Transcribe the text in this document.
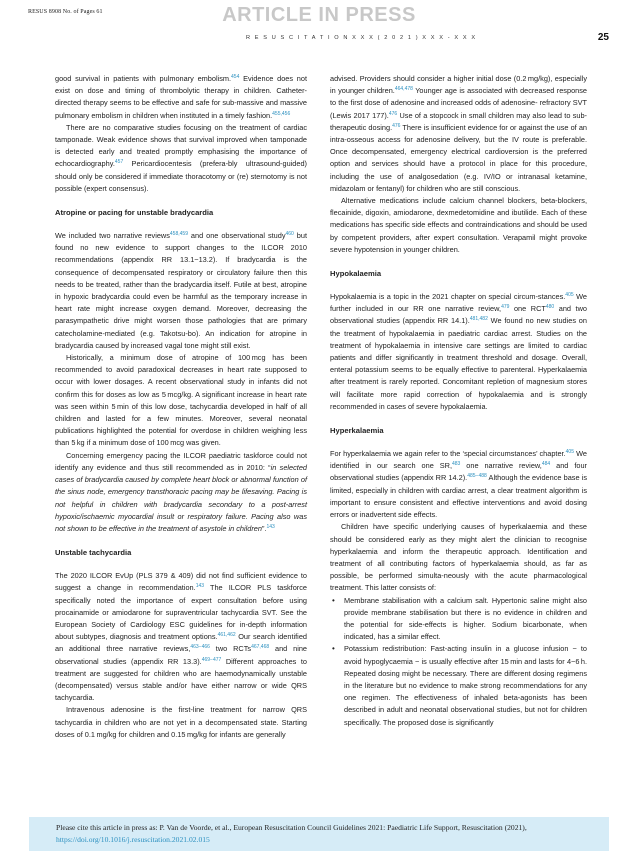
RESUS 8908 No. of Pages 61	ARTICLE IN PRESS
R E S U S C I T A T I O N X X X ( 2 0 2 1 ) X X X - X X X	25

good survival in patients with pulmonary embolism.$^{454}$ Evidence does not exist on dose and timing of thrombolytic therapy in children. Catheter- directed therapy seems to be effective and safe for sub-massive and massive pulmonary embolism in children when instituted in a timely fashion.$^{455,456}$

There are no comparative studies focusing on the treatment of cardiac tamponade. Weak evidence shows that survival improved when tamponade is detected early and treated promptly emphasising the importance of echocardiography.$^{457}$ Pericardiocentesis (prefera-bly ultrasound-guided) should only be considered if immediate thoracotomy or (re) sternotomy is not possible (expert consensus).

Atropine or pacing for unstable bradycardia

We included two narrative reviews$^{458,459}$ and one observational study$^{460}$ but found no new evidence to support changes to the ILCOR 2010 recommendations (appendix RR 13.1−13.2). If bradycardia is the consequence of decompensated respiratory or circulatory failure then this needs to be treated, rather than the bradycardia itself. Futile at best, atropine in hypoxic bradycardia could even be harmful as the temporary increase in heart rate might increase oxygen demand. Moreover, decreasing the parasympathetic drive might worsen those pathologies that are primary catecholamine-mediated (e.g. Takotsu-bo). An indication for atropine in bradycardia caused by increased vagal tone might still exist.

Historically, a minimum dose of atropine of 100 mcg has been recommended to avoid paradoxical decreases in heart rate supposed to occur with lower dosages. A recent observational study in infants did not confirm this for doses as low as 5 mcg/kg. A significant increase in heart rate was seen within 5 min of this low dose, tachycardia developed in half of all children and lasted for a few minutes. Moreover, several neonatal publications highlighted the potential for overdose in children weighing less than 5 kg if a minimum dose of 100 mcg was given.

Concerning emergency pacing the ILCOR paediatric taskforce could not identify any evidence and thus still recommended as in 2010: “in selected cases of bradycardia caused by complete heart block or abnormal function of the sinus node, emergency transthoracic pacing may be lifesaving. Pacing is not helpful in children with bradycardia secondary to a post-arrest hypoxic/ischaemic myocardial insult or respiratory failure. Pacing also was not shown to be effective in the treatment of asystole in children”.$^{143}$

Unstable tachycardia

The 2020 ILCOR EvUp (PLS 379 & 409) did not find sufficient evidence to suggest a change in recommendation.$^{143}$ The ILCOR PLS taskforce specifically noted the importance of expert consultation before using procainamide or amiodarone for supraventricular tachycardia SVT. See the European Society of Cardiology ESC guidelines for in-depth information about subtypes, diagnosis and treatment options.$^{461,462}$ Our search identified an additional three narrative reviews,$^{463-466}$ two RCTs$^{467,468}$ and nine observational studies (appendix RR 13.3).$^{469-477}$ Different approaches to treatment are suggested for children who are haemodynamically unstable (decompensated) versus stable and/or have either narrow or wide QRS tachycardia.

Intravenous adenosine is the first-line treatment for narrow QRS tachycardia in children who are not yet in a decompensated state. Starting doses of 0.1 mg/kg for children and 0.15 mg/kg for infants are generally

advised. Providers should consider a higher initial dose (0.2 mg/kg), especially in younger children.$^{464,478}$ Younger age is associated with decreased response to the first dose of adenosine and increased odds of adenosine- refractory SVT (Lewis 2017 177).$^{476}$ Use of a stopcock in small children may also lead to sub-therapeutic dosing.$^{476}$ There is insufficient evidence for or against the use of an intra-osseous access for adenosine delivery, but the IV route is preferable. Once decompensated, emergency electrical cardioversion is the preferred option and services should have a protocol in place for this procedure, including the use of analgosedation (e.g. IV/IO or intranasal ketamine, midazolam or fentanyl) for children who are still conscious.

Alternative medications include calcium channel blockers, beta-blockers, flecainide, digoxin, amiodarone, dexmedetomidine and ibutilide. Each of these medications has specific side effects and contraindications and should be used by competent providers, after expert consultation. Verapamil might provoke severe hypotension in younger children.

Hypokalaemia

Hypokalaemia is a topic in the 2021 chapter on special circum-stances.$^{405}$ We further included in our RR one narrative review,$^{479}$ one RCT$^{480}$ and two observational studies (appendix RR 14.1).$^{481,482}$ We found no new studies on the treatment of hypokalaemia in paediatric cardiac arrest. Studies on the treatment of hypokalaemia in intensive care settings are limited to cardiac patients and differ significantly in treatment threshold and dosage. Overall, enteral potassium seems to be equally effective to parenteral. Hyperkalaemia after treatment is rarely reported. Concomitant repletion of magnesium stores will facilitate more rapid correction of hypokalaemia and is strongly recommended in cases of severe hypokalaemia.

Hyperkalaemia

For hyperkalaemia we again refer to the ‘special circumstances’ chapter.$^{405}$ We identified in our search one SR,$^{483}$ one narrative review,$^{484}$ and four observational studies (appendix RR 14.2).$^{485-488}$ Although the evidence base is limited, especially in children with cardiac arrest, a clear treatment algorithm is important to ensure consistent and effective interventions and avoid dosing errors or inadvertent side effects.

Children have specific underlying causes of hyperkalaemia and these should be considered early as they might alert the clinician to recognise hyperkalaemia and inform the therapeutic approach. Identification and treatment of all contributing factors of hyperkalaemia should, as far as possible, be performed simulta-neously with the acute pharmacological treatment. This latter consists of:

• Membrane stabilisation with a calcium salt. Hypertonic saline might also provide membrane stabilisation but there is no evidence in children and the potential for side-effects is higher. Sodium bicarbonate, when indicated, has a similar effect.
• Potassium redistribution: Fast-acting insulin in a glucose infusion − to avoid hypoglycaemia − is usually effective after 15 min and lasts for 4−6 h. Repeated dosing might be necessary. There are different dosing regimens in the literature but no evidence to make strong recommendations for any one regimen. The effectiveness of inhaled beta-agonists has been described in adult and neonatal observational studies, but not for children specifically. The proposed dose is significantly
Please cite this article in press as: P. Van de Voorde, et al., European Resuscitation Council Guidelines 2021: Paediatric Life Support, Resuscitation (2021), https://doi.org/10.1016/j.resuscitation.2021.02.015
